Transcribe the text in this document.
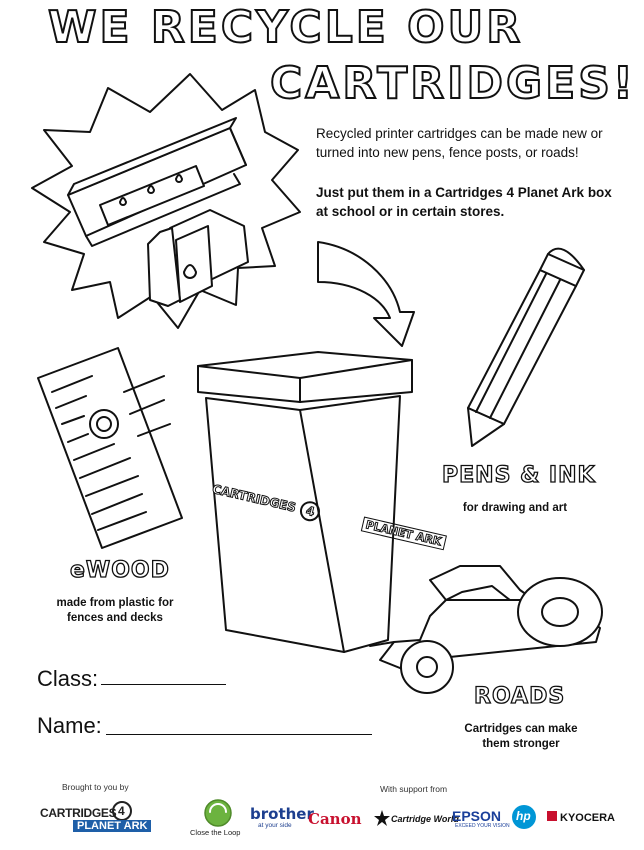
WE RECYCLE OUR
CARTRIDGES!
Recycled printer cartridges can be made new or turned into new pens, fence posts, or roads!
Just put them in a Cartridges 4 Planet Ark box at school or in certain stores.
CARTRIDGES 4 PLANET ARK
PENS & INK
for drawing and art
eWOOD
made from plastic for
fences and decks
ROADS
Cartridges can make
them stronger
Class:
Name:
Brought to you by
CARTRIDGES 4
PLANET ARK
With support from
Close the Loop
brother
at your side Canon	Cartridge World
EPSON
EXCEED YOUR VISION
hp	KYOCERA
